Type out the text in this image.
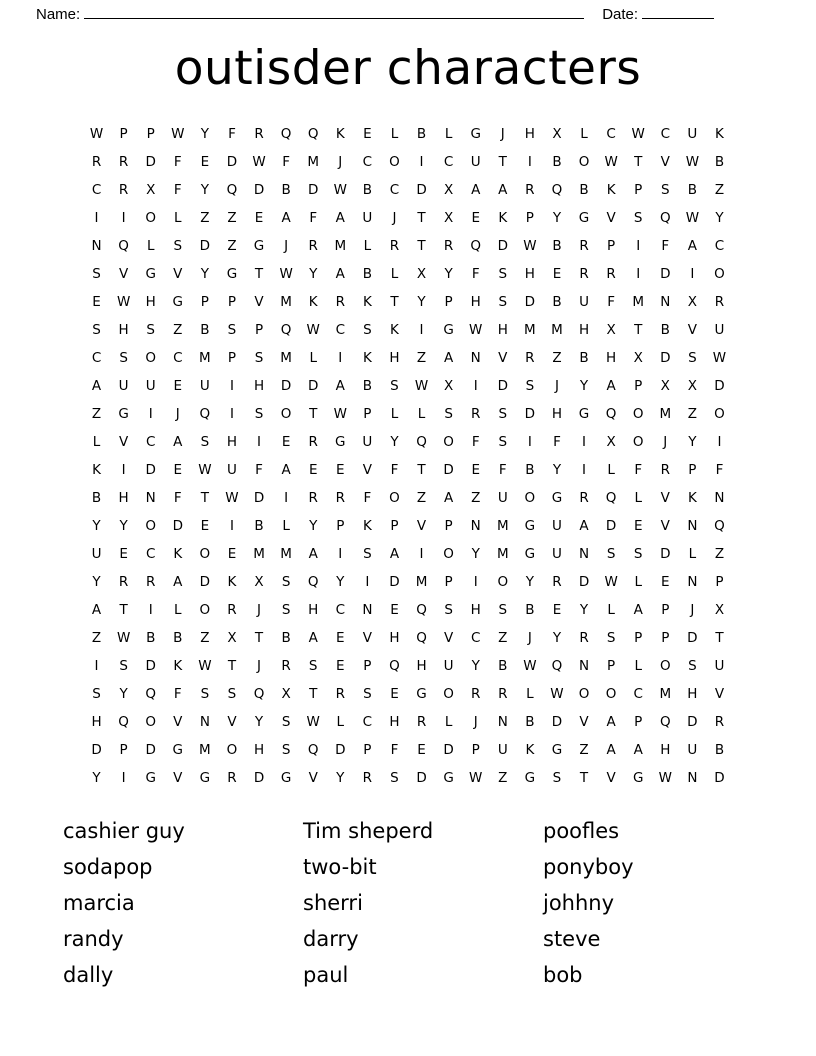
Name:	Date:
outisder characters
W	P	P	W	Y	F	R	Q	Q	K	E	L	B	L	G	J	H	X	L	C	W	C	U	K
R	R	D	F	E	D	W	F	M	J	C	O	I	C	U	T	I	B	O	W	T	V	W	B
C	R	X	F	Y	Q	D	B	D	W	B	C	D	X	A	A	R	Q	B	K	P	S	B	Z
I	I	O	L	Z	Z	E	A	F	A	U	J	T	X	E	K	P	Y	G	V	S	Q	W	Y
N	Q	L	S	D	Z	G	J	R	M	L	R	T	R	Q	D	W	B	R	P	I	F	A	C
S	V	G	V	Y	G	T	W	Y	A	B	L	X	Y	F	S	H	E	R	R	I	D	I	O
E	W	H	G	P	P	V	M	K	R	K	T	Y	P	H	S	D	B	U	F	M	N	X	R
S	H	S	Z	B	S	P	Q	W	C	S	K	I	G	W	H	M	M	H	X	T	B	V	U
C	S	O	C	M	P	S	M	L	I	K	H	Z	A	N	V	R	Z	B	H	X	D	S	W
A	U	U	E	U	I	H	D	D	A	B	S	W	X	I	D	S	J	Y	A	P	X	X	D
Z	G	I	J	Q	I	S	O	T	W	P	L	L	S	R	S	D	H	G	Q	O	M	Z	O
L	V	C	A	S	H	I	E	R	G	U	Y	Q	O	F	S	I	F	I	X	O	J	Y	I
K	I	D	E	W	U	F	A	E	E	V	F	T	D	E	F	B	Y	I	L	F	R	P	F
B	H	N	F	T	W	D	I	R	R	F	O	Z	A	Z	U	O	G	R	Q	L	V	K	N
Y	Y	O	D	E	I	B	L	Y	P	K	P	V	P	N	M	G	U	A	D	E	V	N	Q
U	E	C	K	O	E	M	M	A	I	S	A	I	O	Y	M	G	U	N	S	S	D	L	Z
Y	R	R	A	D	K	X	S	Q	Y	I	D	M	P	I	O	Y	R	D	W	L	E	N	P
A	T	I	L	O	R	J	S	H	C	N	E	Q	S	H	S	B	E	Y	L	A	P	J	X
Z	W	B	B	Z	X	T	B	A	E	V	H	Q	V	C	Z	J	Y	R	S	P	P	D	T
I	S	D	K	W	T	J	R	S	E	P	Q	H	U	Y	B	W	Q	N	P	L	O	S	U
S	Y	Q	F	S	S	Q	X	T	R	S	E	G	O	R	R	L	W	O	O	C	M	H	V
H	Q	O	V	N	V	Y	S	W	L	C	H	R	L	J	N	B	D	V	A	P	Q	D	R
D	P	D	G	M	O	H	S	Q	D	P	F	E	D	P	U	K	G	Z	A	A	H	U	B
Y	I	G	V	G	R	D	G	V	Y	R	S	D	G	W	Z	G	S	T	V	G	W	N	D
cashier guy
sodapop
marcia
randy
dally
Tim sheperd
two-bit
sherri
darry
paul
poofles
ponyboy
johhny
steve
bob
